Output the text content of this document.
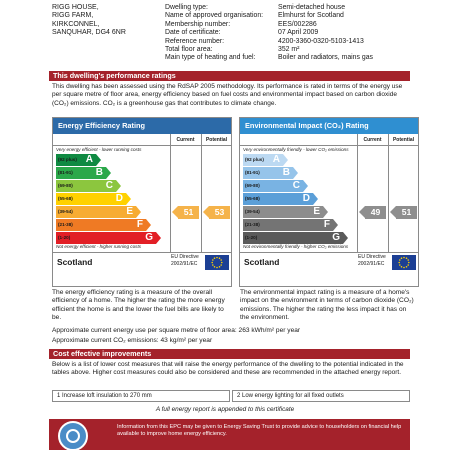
RIGG HOUSE,
RIGG FARM,
KIRKCONNEL,
SANQUHAR, DG4 6NR
Dwelling type:	Semi-detached house
Name of approved organisation:	Elmhurst for Scotland
Membership number:	EES/002286
Date of certificate:	07 April 2009
Reference number:	4200-3360-0320-5103-1413
Total floor area:	352 m²
Main type of heating and fuel:	Boiler and radiators, mains gas
This dwelling's performance ratings
This dwelling has been assessed using the RdSAP 2005 methodology. Its performance is rated in terms of the energy use per square metre of floor area, energy efficiency based on fuel costs and environmental impact based on carbon dioxide (CO₂) emissions. CO₂ is a greenhouse gas that contributes to climate change.
Energy Efficiency Rating
Current	Potential
Very energy efficient - lower running costs
(92 plus) A
(81-91) B
(69-80)	C
(55-68)	D
(39-54)	E
(21-38)	F
(1-20)	G
Not energy efficient - higher running costs
51	53
Scotland	EU Directive
2002/91/EC
Environmental Impact (CO₂) Rating
Current	Potential
Very environmentally friendly - lower CO₂ emissions
(92 plus) A
(81-91) B
(69-80)	C
(55-68)	D
(39-54)	E
(21-38)	F
(1-20)	G
Not environmentally friendly - higher CO₂ emissions
49	51
Scotland	EU Directive
2002/91/EC
The energy efficiency rating is a measure of the overall efficiency of a home. The higher the rating the more energy efficient the home is and the lower the fuel bills are likely to be.
The environmental impact rating is a measure of a home's impact on the environment in terms of carbon dioxide (CO₂) emissions. The higher the rating the less impact it has on the environment.
Approximate current energy use per square metre of floor area: 263 kWh/m² per year
Approximate current CO₂ emissions: 43 kg/m² per year
Cost effective improvements
Below is a list of lower cost measures that will raise the energy performance of the dwelling to the potential indicated in the tables above. Higher cost measures could also be considered and these are recommended in the attached energy report.
1 Increase loft insulation to 270 mm	2 Low energy lighting for all fixed outlets
A full energy report is appended to this certificate
Information from this EPC may be given to Energy Saving Trust to provide advice to householders on financial help available to improve home energy efficiency.
